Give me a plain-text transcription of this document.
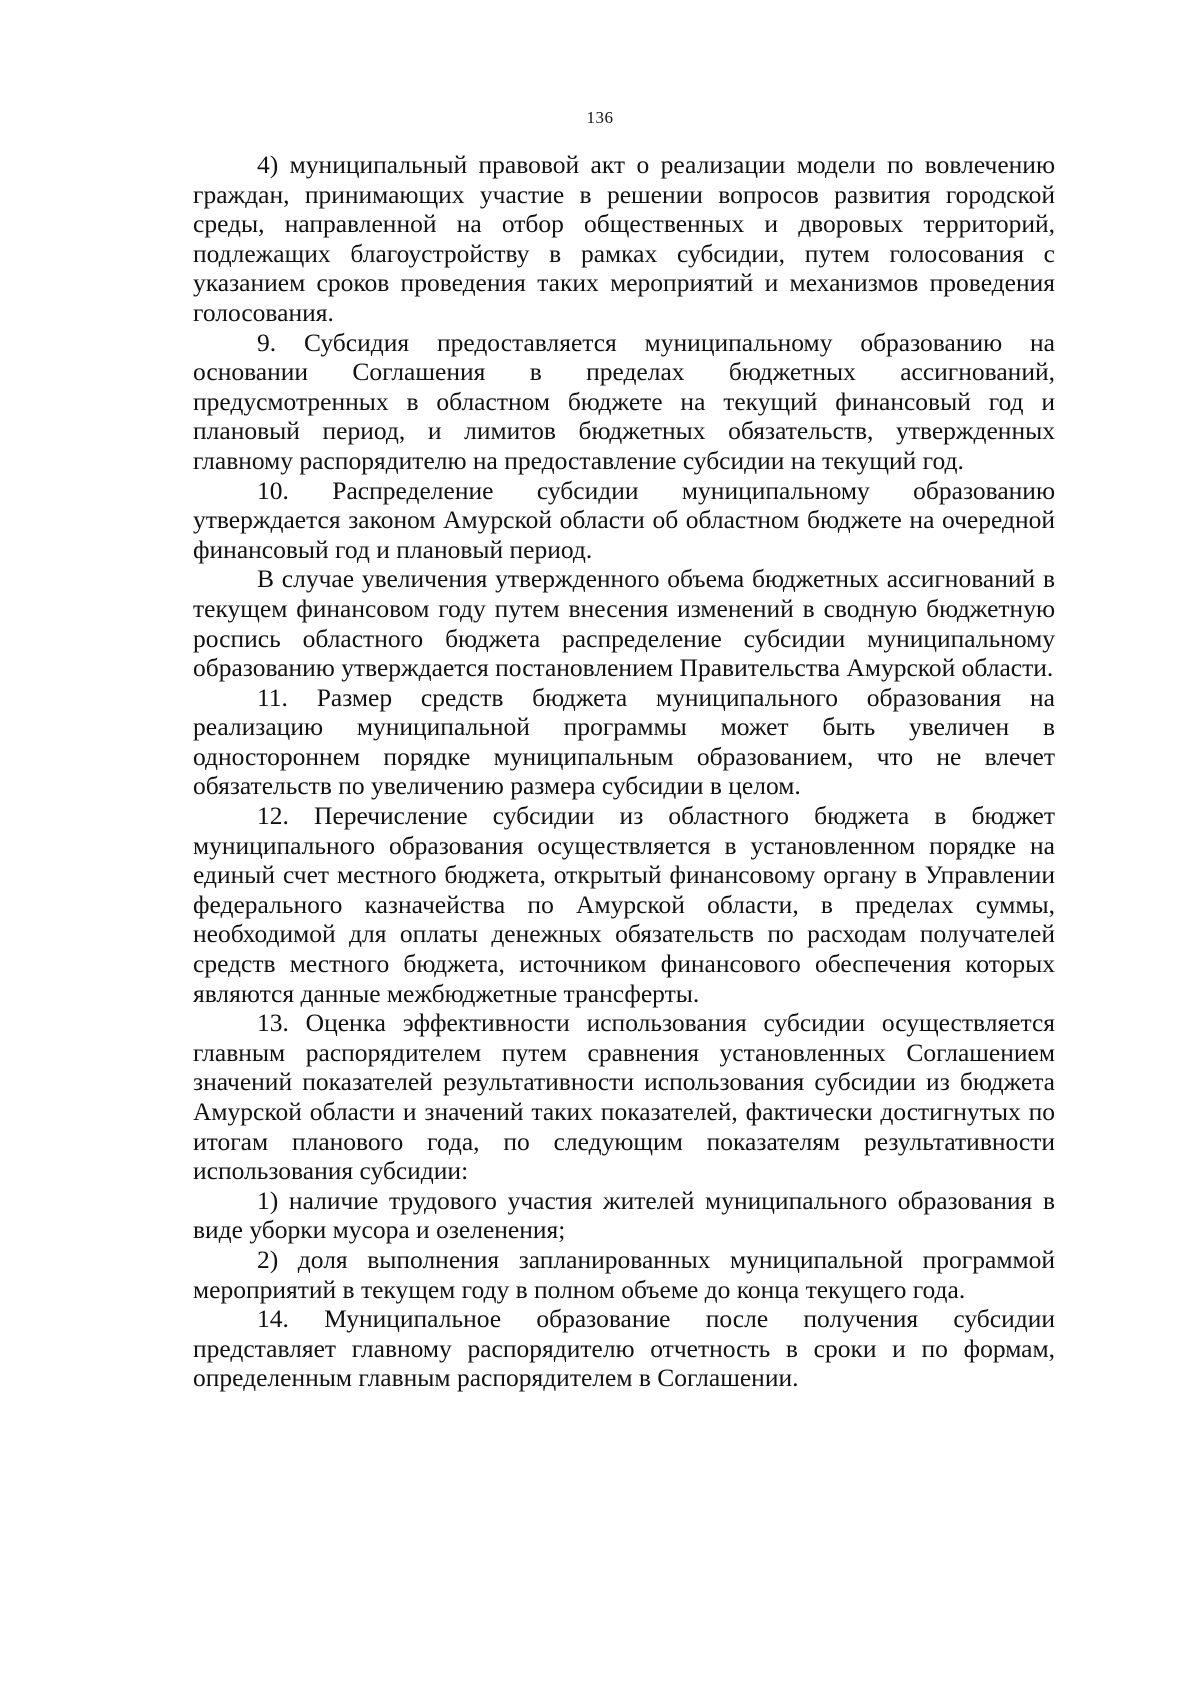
136

4) муниципальный правовой акт о реализации модели по вовлечению граждан, принимающих участие в решении вопросов развития городской среды, направленной на отбор общественных и дворовых территорий, подлежащих благоустройству в рамках субсидии, путем голосования с указанием сроков проведения таких мероприятий и механизмов проведения голосования.

9. Субсидия предоставляется муниципальному образованию на основании Соглашения в пределах бюджетных ассигнований, предусмотренных в областном бюджете на текущий финансовый год и плановый период, и лимитов бюджетных обязательств, утвержденных главному распорядителю на предоставление субсидии на текущий год.

10. Распределение субсидии муниципальному образованию утверждается законом Амурской области об областном бюджете на очередной финансовый год и плановый период.

В случае увеличения утвержденного объема бюджетных ассигнований в текущем финансовом году путем внесения изменений в сводную бюджетную роспись областного бюджета распределение субсидии муниципальному образованию утверждается постановлением Правительства Амурской области.

11. Размер средств бюджета муниципального образования на реализацию муниципальной программы может быть увеличен в одностороннем порядке муниципальным образованием, что не влечет обязательств по увеличению размера субсидии в целом.

12. Перечисление субсидии из областного бюджета в бюджет муниципального образования осуществляется в установленном порядке на единый счет местного бюджета, открытый финансовому органу в Управлении федерального казначейства по Амурской области, в пределах суммы, необходимой для оплаты денежных обязательств по расходам получателей средств местного бюджета, источником финансового обеспечения которых являются данные межбюджетные трансферты.

13. Оценка эффективности использования субсидии осуществляется главным распорядителем путем сравнения установленных Соглашением значений показателей результативности использования субсидии из бюджета Амурской области и значений таких показателей, фактически достигнутых по итогам планового года, по следующим показателям результативности использования субсидии:

1) наличие трудового участия жителей муниципального образования в виде уборки мусора и озеленения;

2) доля выполнения запланированных муниципальной программой мероприятий в текущем году в полном объеме до конца текущего года.

14. Муниципальное образование после получения субсидии представляет главному распорядителю отчетность в сроки и по формам, определенным главным распорядителем в Соглашении.
